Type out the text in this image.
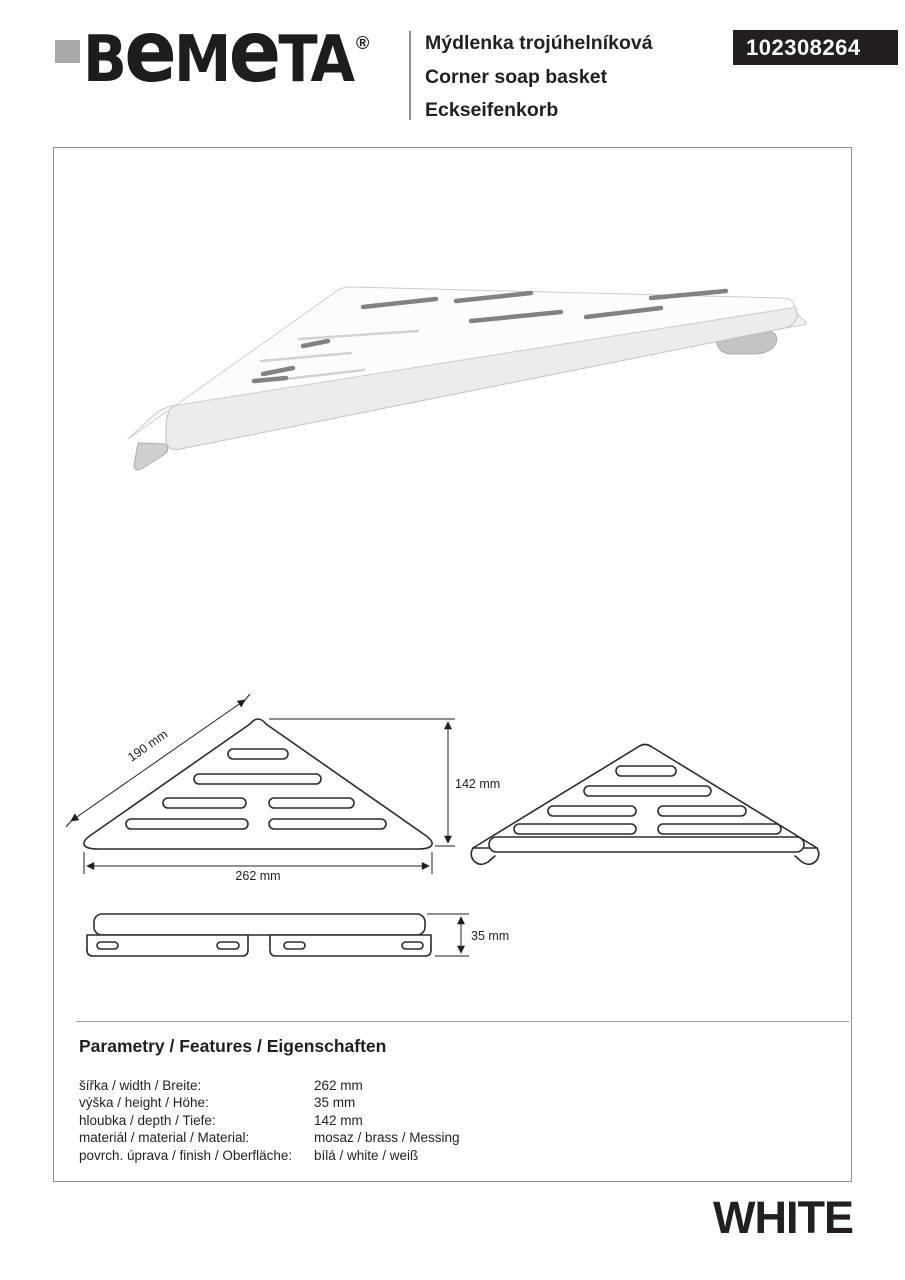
BeMeTA ®	Mýdlenka trojúhelníková
Corner soap basket
Eckseifenkorb
102308264
190 mm
142 mm
262 mm
35 mm
Parametry / Features / Eigenschaften
šířka / width / Breite:	262 mm
výška / height / Höhe:	35 mm
hloubka / depth / Tiefe:	142 mm
materiál / material / Material:	mosaz / brass / Messing
povrch. úprava / finish / Oberfläche:	bílá / white / weiß
WHITE
